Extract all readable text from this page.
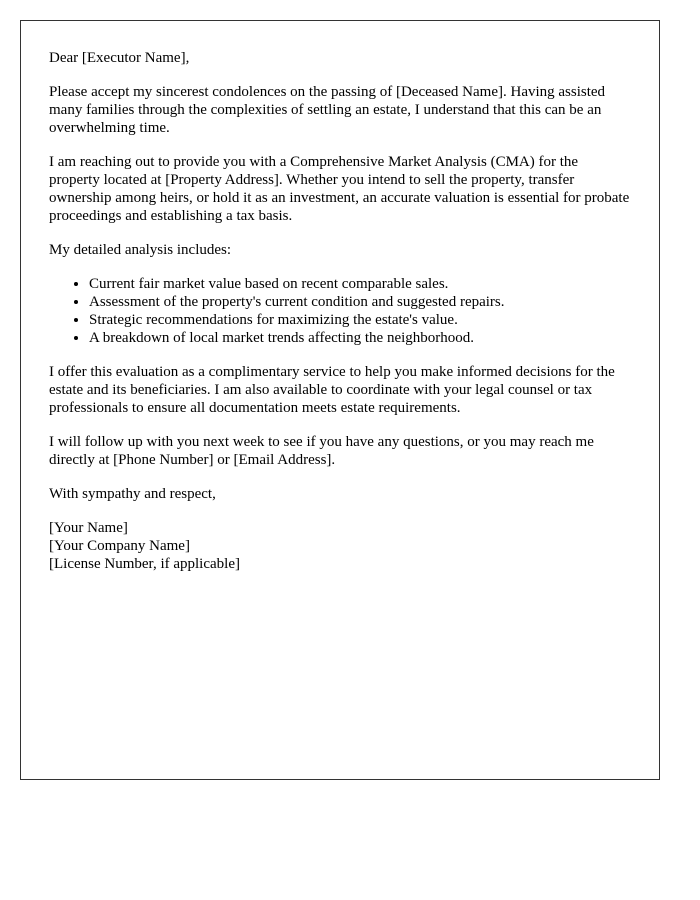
Dear [Executor Name],

Please accept my sincerest condolences on the passing of [Deceased Name]. Having assisted many families through the complexities of settling an estate, I understand that this can be an overwhelming time.

I am reaching out to provide you with a Comprehensive Market Analysis (CMA) for the property located at [Property Address]. Whether you intend to sell the property, transfer ownership among heirs, or hold it as an investment, an accurate valuation is essential for probate proceedings and establishing a tax basis.

My detailed analysis includes:

• Current fair market value based on recent comparable sales.
• Assessment of the property's current condition and suggested repairs.
• Strategic recommendations for maximizing the estate's value.
• A breakdown of local market trends affecting the neighborhood.

I offer this evaluation as a complimentary service to help you make informed decisions for the estate and its beneficiaries. I am also available to coordinate with your legal counsel or tax professionals to ensure all documentation meets estate requirements.

I will follow up with you next week to see if you have any questions, or you may reach me directly at [Phone Number] or [Email Address].

With sympathy and respect,

[Your Name]
[Your Company Name]
[License Number, if applicable]
